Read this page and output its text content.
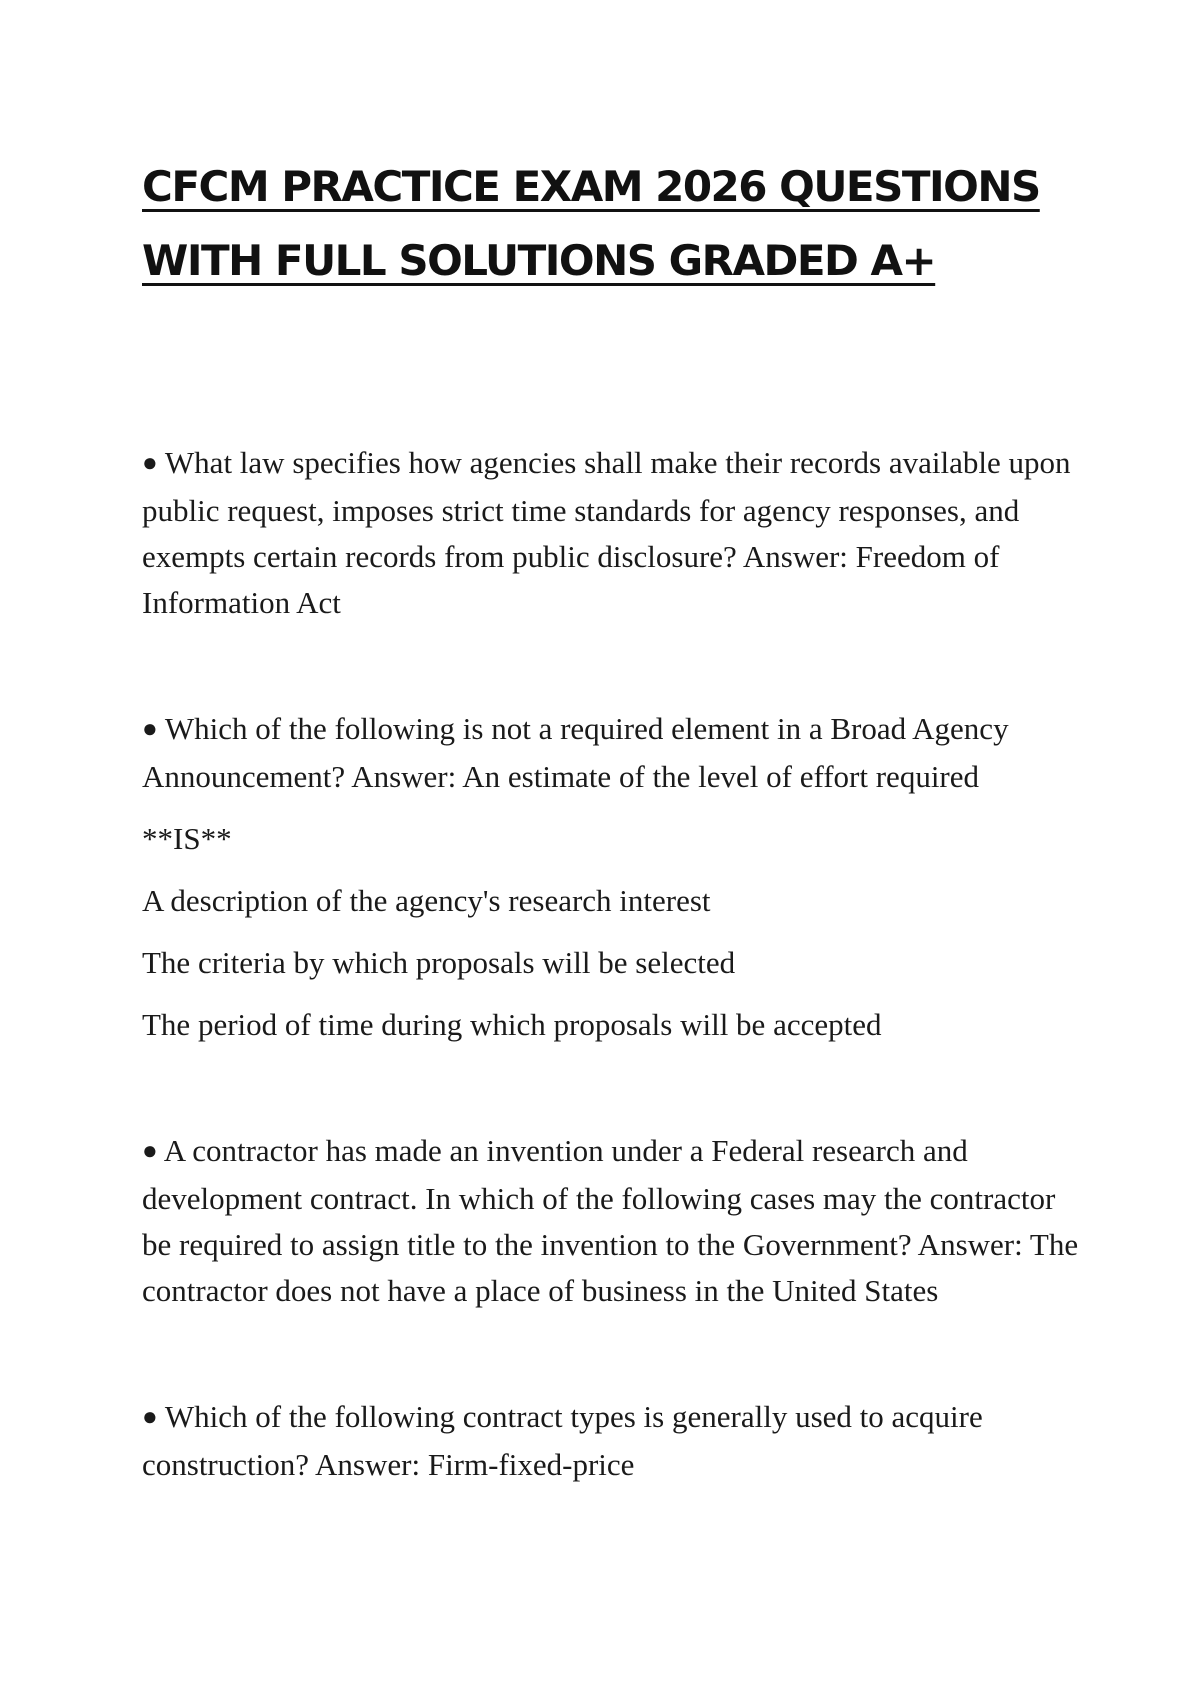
CFCM PRACTICE EXAM 2026 QUESTIONS
WITH FULL SOLUTIONS GRADED A+

● What law specifies how agencies shall make their records available upon public request, imposes strict time standards for agency responses, and exempts certain records from public disclosure? Answer: Freedom of Information Act

● Which of the following is not a required element in a Broad Agency Announcement? Answer: An estimate of the level of effort required

**IS**

A description of the agency's research interest

The criteria by which proposals will be selected

The period of time during which proposals will be accepted

● A contractor has made an invention under a Federal research and development contract. In which of the following cases may the contractor be required to assign title to the invention to the Government? Answer: The contractor does not have a place of business in the United States

● Which of the following contract types is generally used to acquire construction? Answer: Firm-fixed-price
